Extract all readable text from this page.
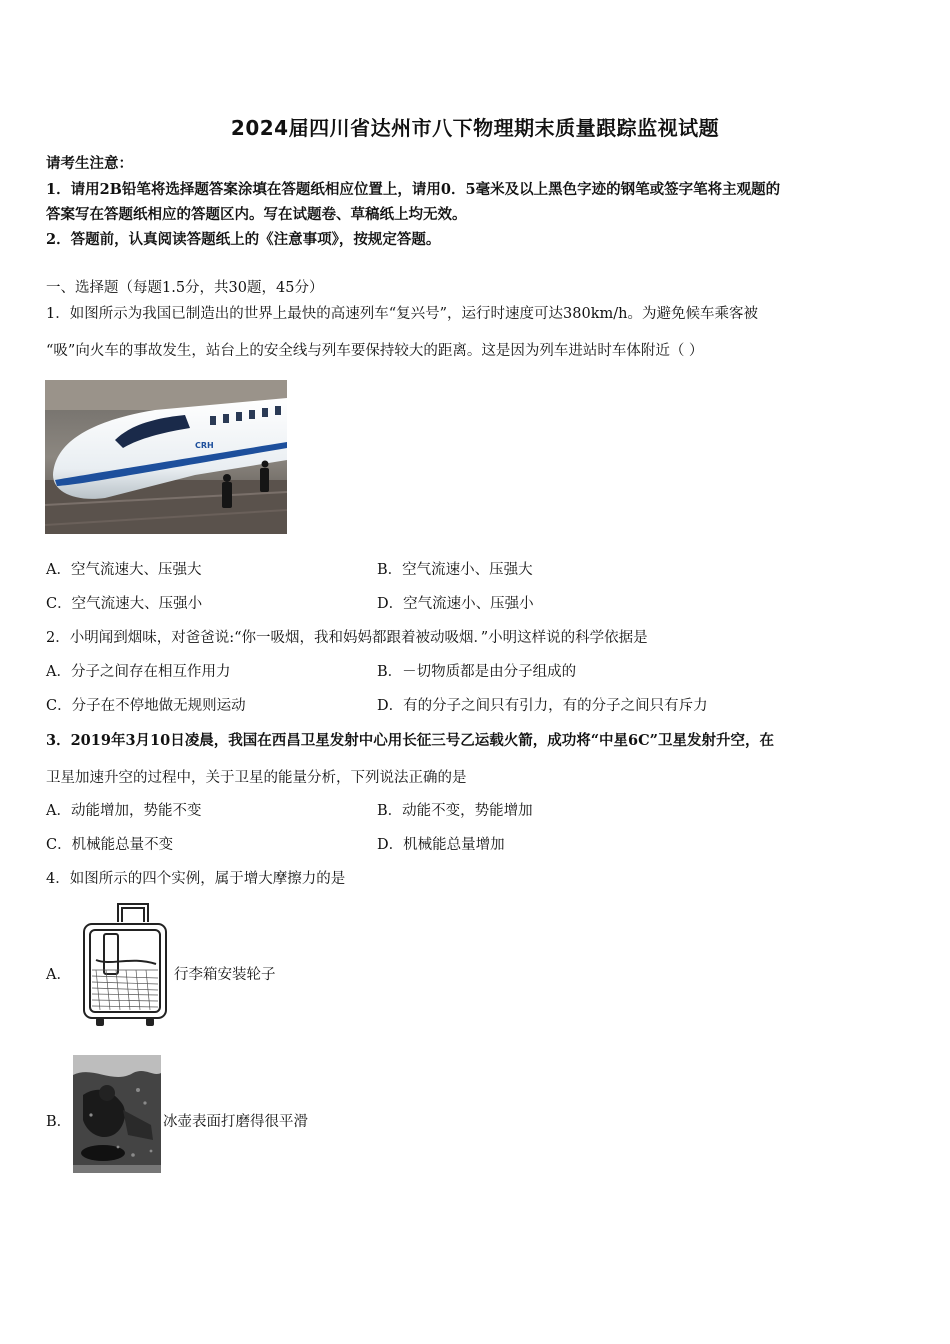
2024届四川省达州市八下物理期末质量跟踪监视试题
请考生注意：
1．请用2B铅笔将选择题答案涂填在答题纸相应位置上，请用0．5毫米及以上黑色字迹的钢笔或签字笔将主观题的
答案写在答题纸相应的答题区内。写在试题卷、草稿纸上均无效。
2．答题前，认真阅读答题纸上的《注意事项》，按规定答题。
一、选择题（每题1.5分，共30题，45分）
1．如图所示为我国已制造出的世界上最快的高速列车“复兴号”，运行时速度可达380km/h。为避免候车乘客被
“吸”向火车的事故发生，站台上的安全线与列车要保持较大的距离。这是因为列车进站时车体附近（ ）
CRH
A．空气流速大、压强大	B．空气流速小、压强大
C．空气流速大、压强小	D．空气流速小、压强小
2．小明闻到烟味，对爸爸说:“你一吸烟，我和妈妈都跟着被动吸烟．”小明这样说的科学依据是
A．分子之间存在相互作用力	B．－切物质都是由分子组成的
C．分子在不停地做无规则运动	D．有的分子之间只有引力，有的分子之间只有斥力
3．2019年3月10日凌晨，我国在西昌卫星发射中心用长征三号乙运载火箭，成功将“中星6C”卫星发射升空，在
卫星加速升空的过程中，关于卫星的能量分析，下列说法正确的是
A．动能增加，势能不变	B．动能不变，势能增加
C．机械能总量不变	D．机械能总量增加
4．如图所示的四个实例，属于增大摩擦力的是
A．	行李箱安装轮子
B．	冰壶表面打磨得很平滑
